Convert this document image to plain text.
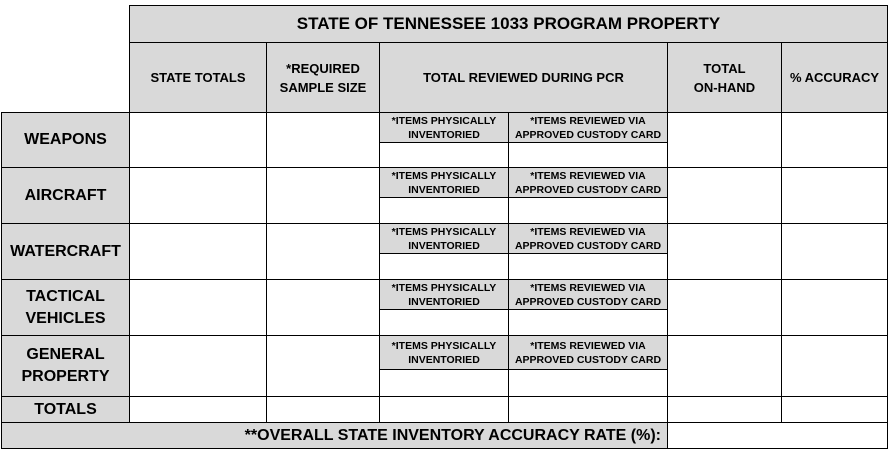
STATE OF TENNESSEE 1033 PROGRAM PROPERTY
STATE TOTALS
*REQUIRED
SAMPLE SIZE
TOTAL REVIEWED DURING PCR
TOTAL
ON-HAND
% ACCURACY
WEAPONS
*ITEMS PHYSICALLY
INVENTORIED
*ITEMS REVIEWED VIA
APPROVED CUSTODY CARD
AIRCRAFT
*ITEMS PHYSICALLY
INVENTORIED
*ITEMS REVIEWED VIA
APPROVED CUSTODY CARD
WATERCRAFT
*ITEMS PHYSICALLY
INVENTORIED
*ITEMS REVIEWED VIA
APPROVED CUSTODY CARD
TACTICAL
VEHICLES
*ITEMS PHYSICALLY
INVENTORIED
*ITEMS REVIEWED VIA
APPROVED CUSTODY CARD
GENERAL
PROPERTY
*ITEMS PHYSICALLY
INVENTORIED
*ITEMS REVIEWED VIA
APPROVED CUSTODY CARD
TOTALS
**OVERALL STATE INVENTORY ACCURACY RATE (%):
